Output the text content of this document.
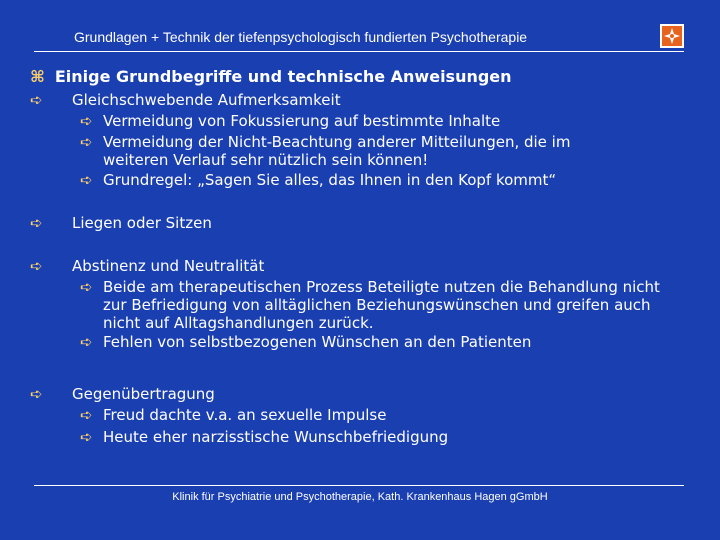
Grundlagen + Technik der tiefenpsychologisch fundierten Psychotherapie
⌘ Einige Grundbegriffe und technische Anweisungen
➪ Gleichschwebende Aufmerksamkeit
➪ Vermeidung von Fokussierung auf bestimmte Inhalte
➪ Vermeidung der Nicht-Beachtung anderer Mitteilungen, die im weiteren Verlauf sehr nützlich sein können!
➪ Grundregel: „Sagen Sie alles, das Ihnen in den Kopf kommt“
➪ Liegen oder Sitzen
➪ Abstinenz und Neutralität
➪ Beide am therapeutischen Prozess Beteiligte nutzen die Behandlung nicht zur Befriedigung von alltäglichen Beziehungswünschen und greifen auch nicht auf Alltagshandlungen zurück.
➪ Fehlen von selbstbezogenen Wünschen an den Patienten
➪ Gegenübertragung
➪ Freud dachte v.a. an sexuelle Impulse
➪ Heute eher narzisstische Wunschbefriedigung
Klinik für Psychiatrie und Psychotherapie, Kath. Krankenhaus Hagen gGmbH
